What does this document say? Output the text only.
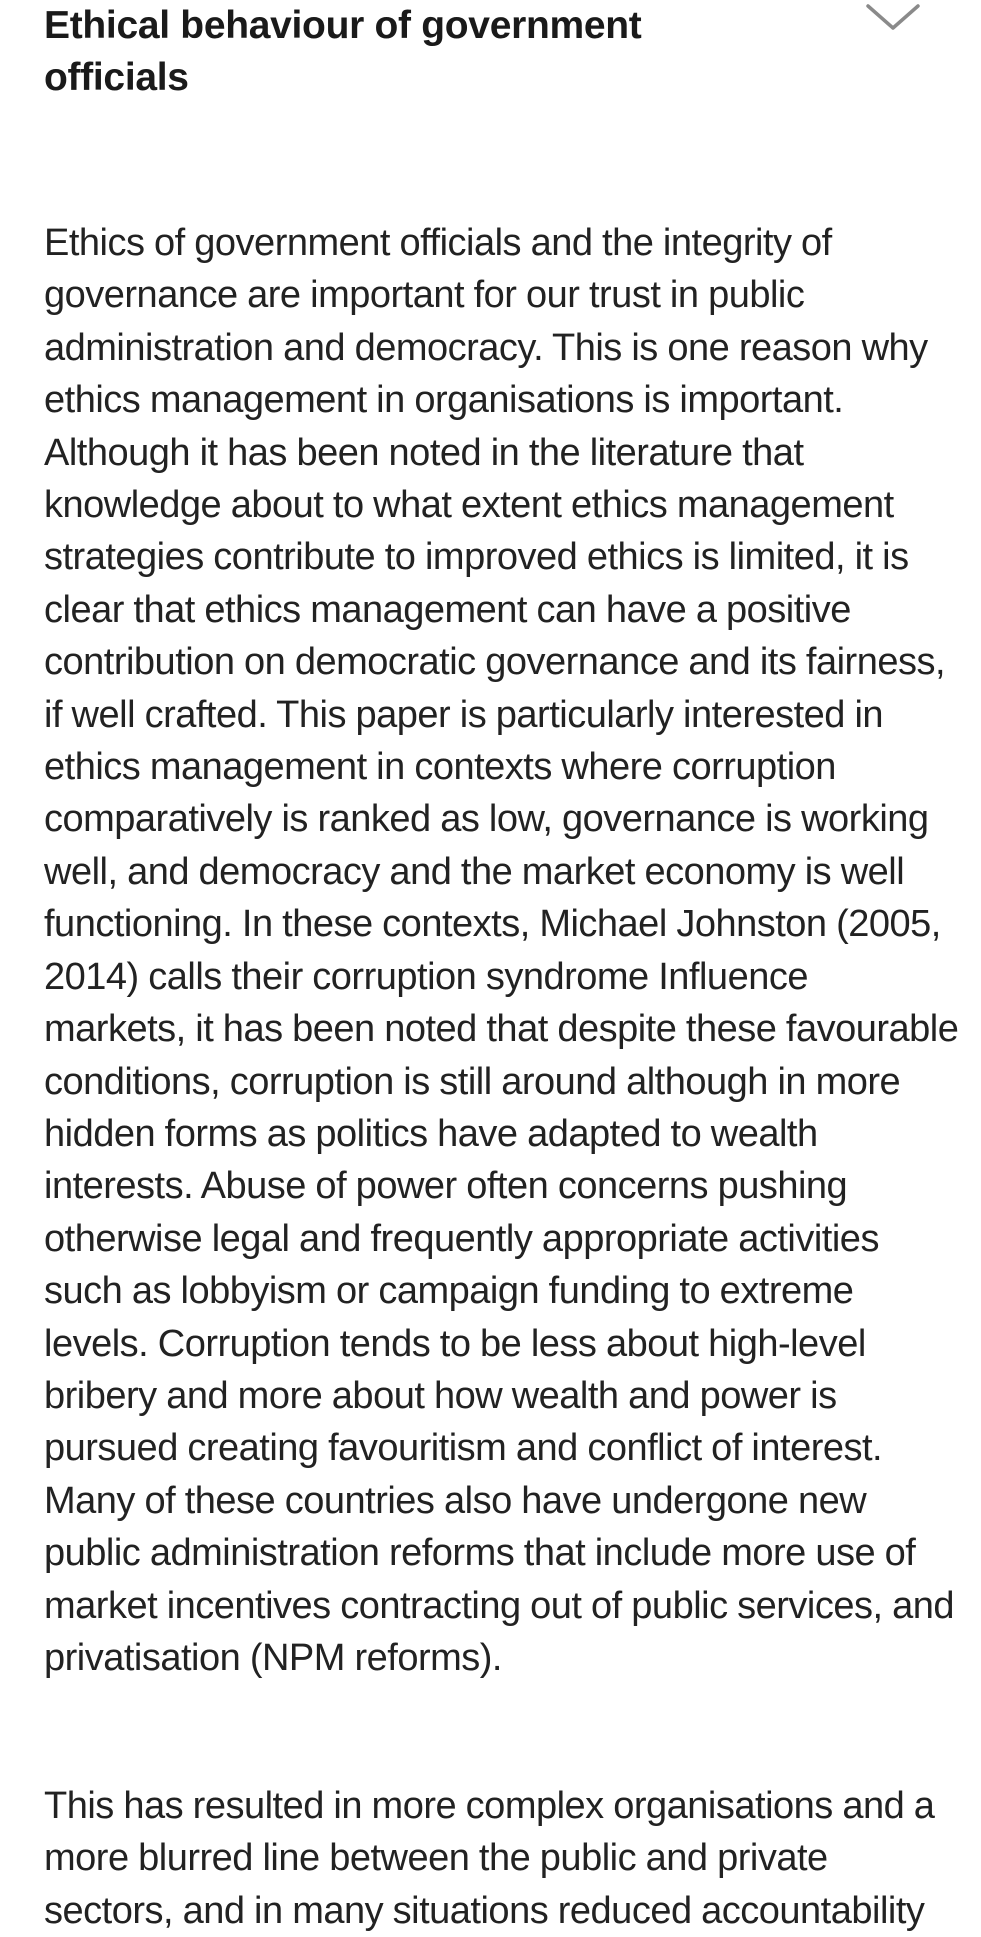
Ethical behaviour of government officials

Ethics of government officials and the integrity of governance are important for our trust in public administration and democracy. This is one reason why ethics management in organisations is important. Although it has been noted in the literature that knowledge about to what extent ethics management strategies contribute to improved ethics is limited, it is clear that ethics management can have a positive contribution on democratic governance and its fairness, if well crafted. This paper is particularly interested in ethics management in contexts where corruption comparatively is ranked as low, governance is working well, and democracy and the market economy is well functioning. In these contexts, Michael Johnston (2005, 2014) calls their corruption syndrome Influence markets, it has been noted that despite these favourable conditions, corruption is still around although in more hidden forms as politics have adapted to wealth interests. Abuse of power often concerns pushing otherwise legal and frequently appropriate activities such as lobbyism or campaign funding to extreme levels. Corruption tends to be less about high-level bribery and more about how wealth and power is pursued creating favouritism and conflict of interest. Many of these countries also have undergone new public administration reforms that include more use of market incentives contracting out of public services, and privatisation (NPM reforms).

This has resulted in more complex organisations and a more blurred line between the public and private sectors, and in many situations reduced accountability
